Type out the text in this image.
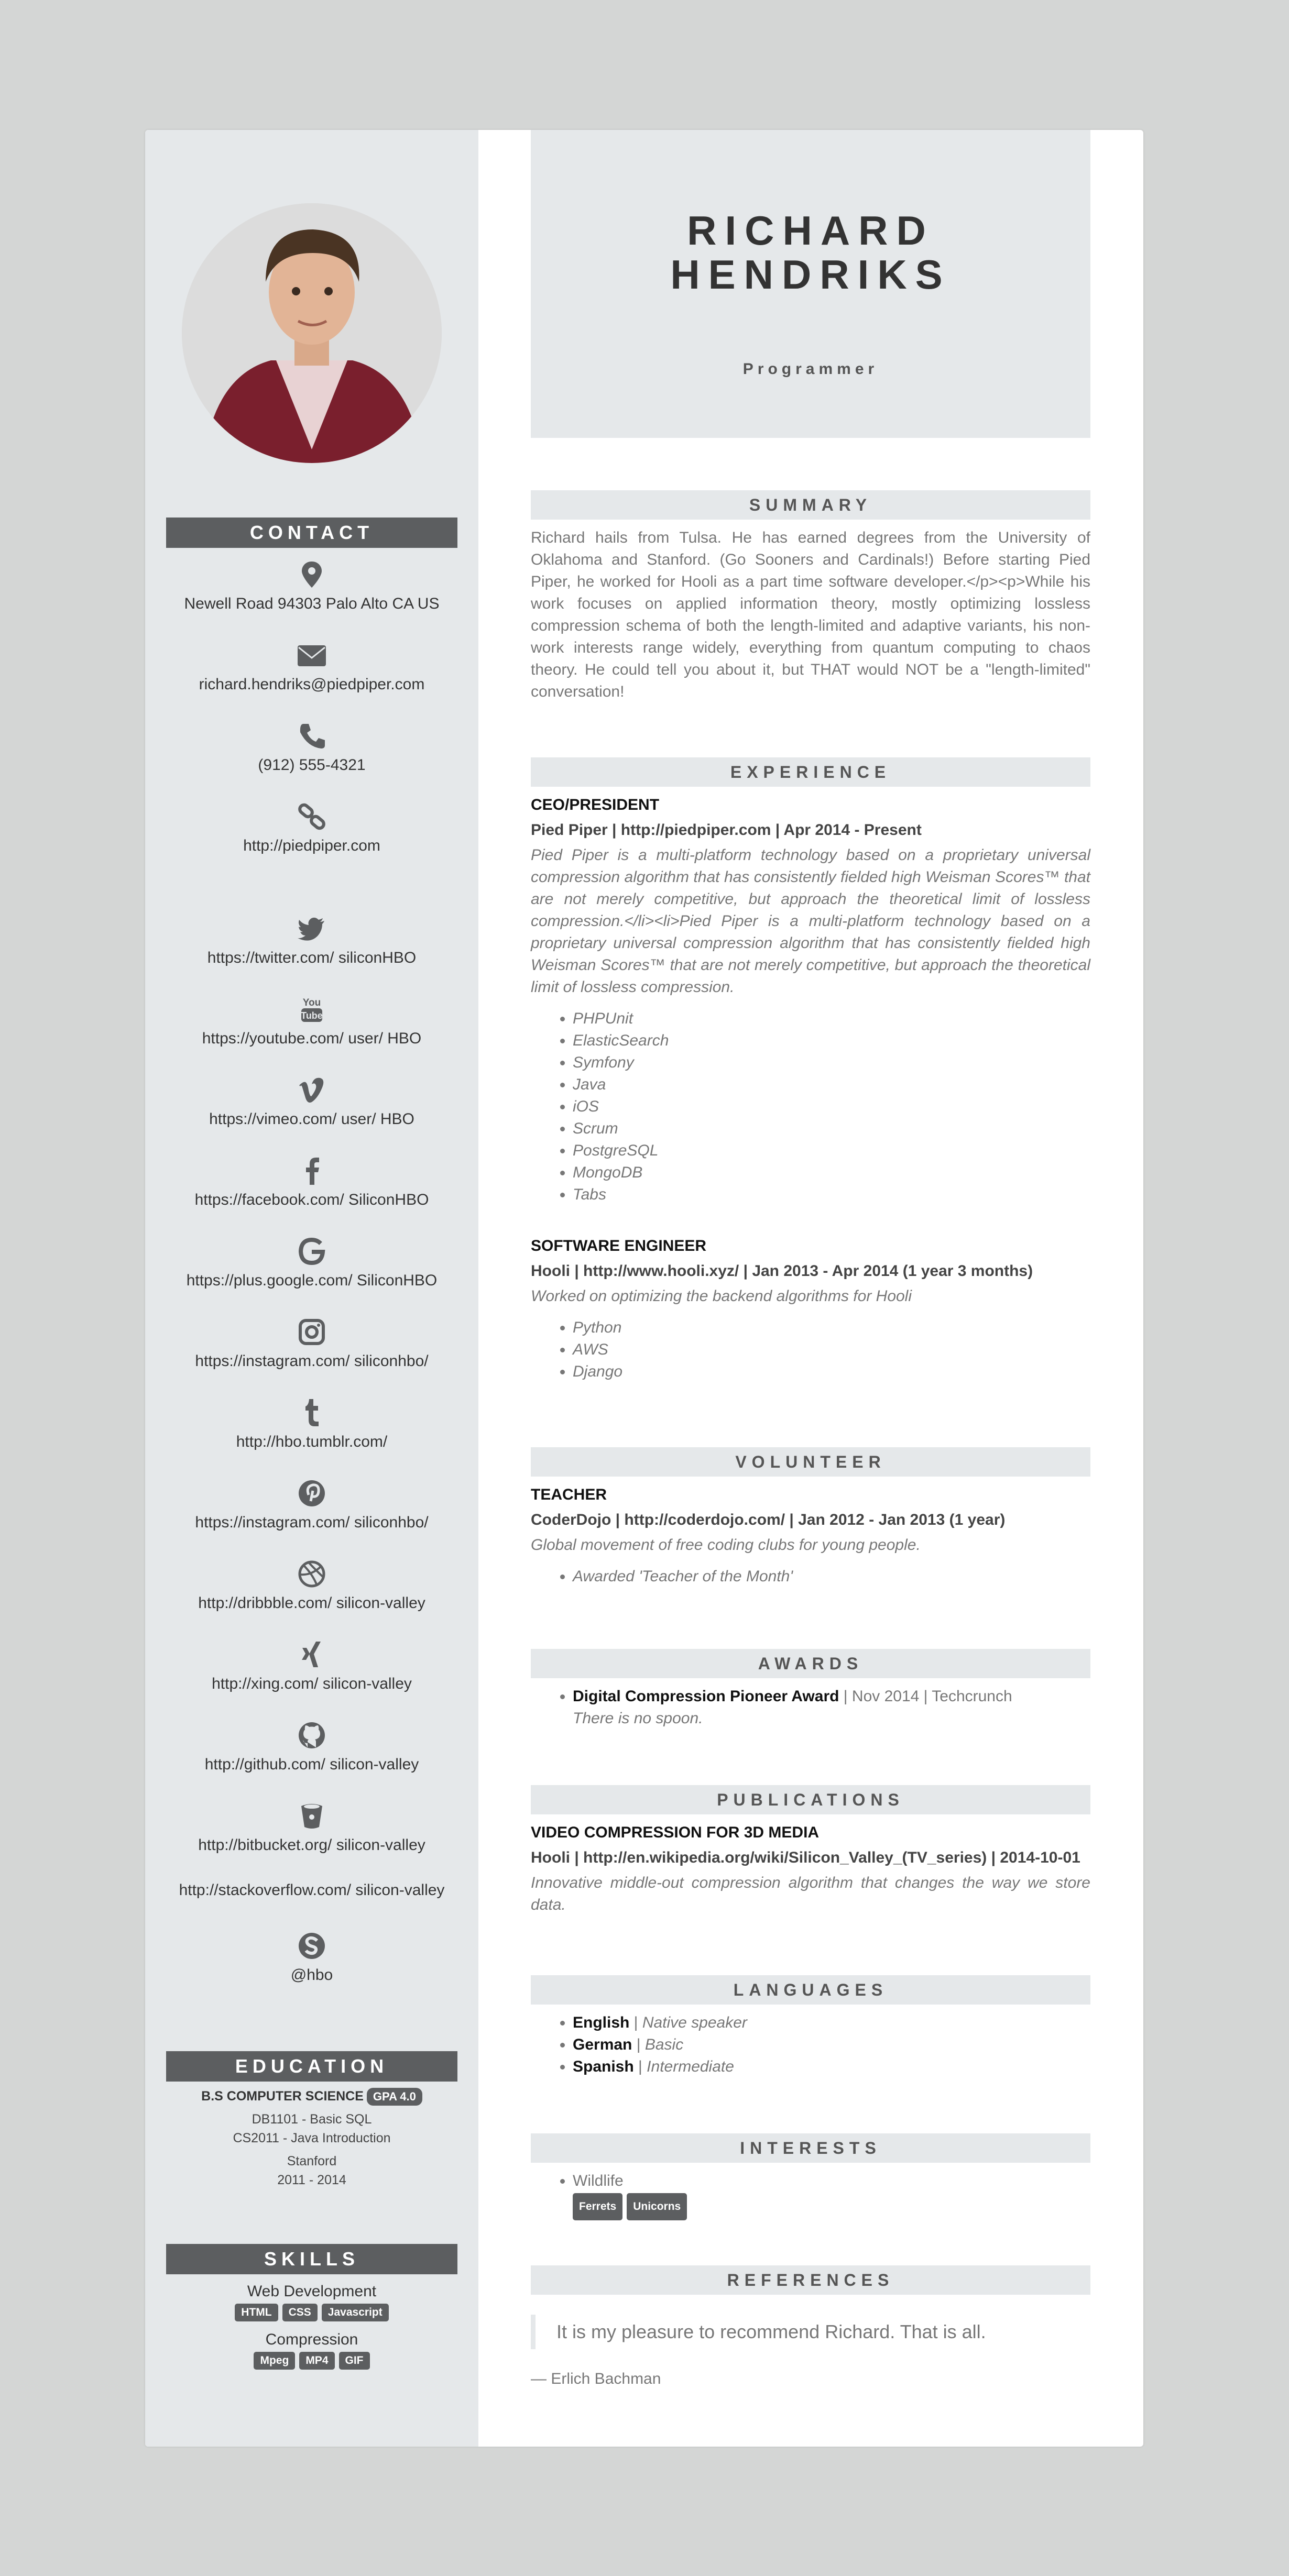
CONTACT
Newell Road 94303 Palo Alto CA US
richard.hendriks@piedpiper.com
(912) 555-4321
http://piedpiper.com
https://twitter.com/ siliconHBO
You
Tube
https://youtube.com/ user/ HBO
https://vimeo.com/ user/ HBO
https://facebook.com/ SiliconHBO
https://plus.google.com/ SiliconHBO
https://instagram.com/ siliconhbo/
http://hbo.tumblr.com/
https://instagram.com/ siliconhbo/
http://dribbble.com/ silicon-valley
http://xing.com/ silicon-valley
http://github.com/ silicon-valley
http://bitbucket.org/ silicon-valley
http://stackoverflow.com/ silicon-valley
@hbo
EDUCATION
B.S COMPUTER SCIENCE GPA 4.0
DB1101 - Basic SQL
CS2011 - Java Introduction
Stanford
2011 - 2014
SKILLS
Web Development
HTML CSS Javascript
Compression
Mpeg MP4 GIF
RICHARD
HENDRIKS
Programmer
SUMMARY
Richard hails from Tulsa. He has earned degrees from the University of Oklahoma and Stanford. (Go Sooners and Cardinals!) Before starting Pied Piper, he worked for Hooli as a part time software developer.</p><p>While his work focuses on applied information theory, mostly optimizing lossless compression schema of both the length-limited and adaptive variants, his non-work interests range widely, everything from quantum computing to chaos theory. He could tell you about it, but THAT would NOT be a "length-limited" conversation!
EXPERIENCE
CEO/PRESIDENT
Pied Piper | http://piedpiper.com | Apr 2014 - Present
Pied Piper is a multi-platform technology based on a proprietary universal compression algorithm that has consistently fielded high Weisman Scores™ that are not merely competitive, but approach the theoretical limit of lossless compression.</li><li>Pied Piper is a multi-platform technology based on a proprietary universal compression algorithm that has consistently fielded high Weisman Scores™ that are not merely competitive, but approach the theoretical limit of lossless compression.
• PHPUnit
• ElasticSearch
• Symfony
• Java
• iOS
• Scrum
• PostgreSQL
• MongoDB
• Tabs
SOFTWARE ENGINEER
Hooli | http://www.hooli.xyz/ | Jan 2013 - Apr 2014 (1 year 3 months)
Worked on optimizing the backend algorithms for Hooli
• Python
• AWS
• Django
VOLUNTEER
TEACHER
CoderDojo | http://coderdojo.com/ | Jan 2012 - Jan 2013 (1 year)
Global movement of free coding clubs for young people.
• Awarded 'Teacher of the Month'
AWARDS
• Digital Compression Pioneer Award | Nov 2014 | Techcrunch
There is no spoon.
PUBLICATIONS
VIDEO COMPRESSION FOR 3D MEDIA
Hooli | http://en.wikipedia.org/wiki/Silicon_Valley_(TV_series) | 2014-10-01
Innovative middle-out compression algorithm that changes the way we store data.
LANGUAGES
• English | Native speaker
• German | Basic
• Spanish | Intermediate
INTERESTS
• Wildlife
Ferrets Unicorns
REFERENCES
It is my pleasure to recommend Richard. That is all.
— Erlich Bachman
